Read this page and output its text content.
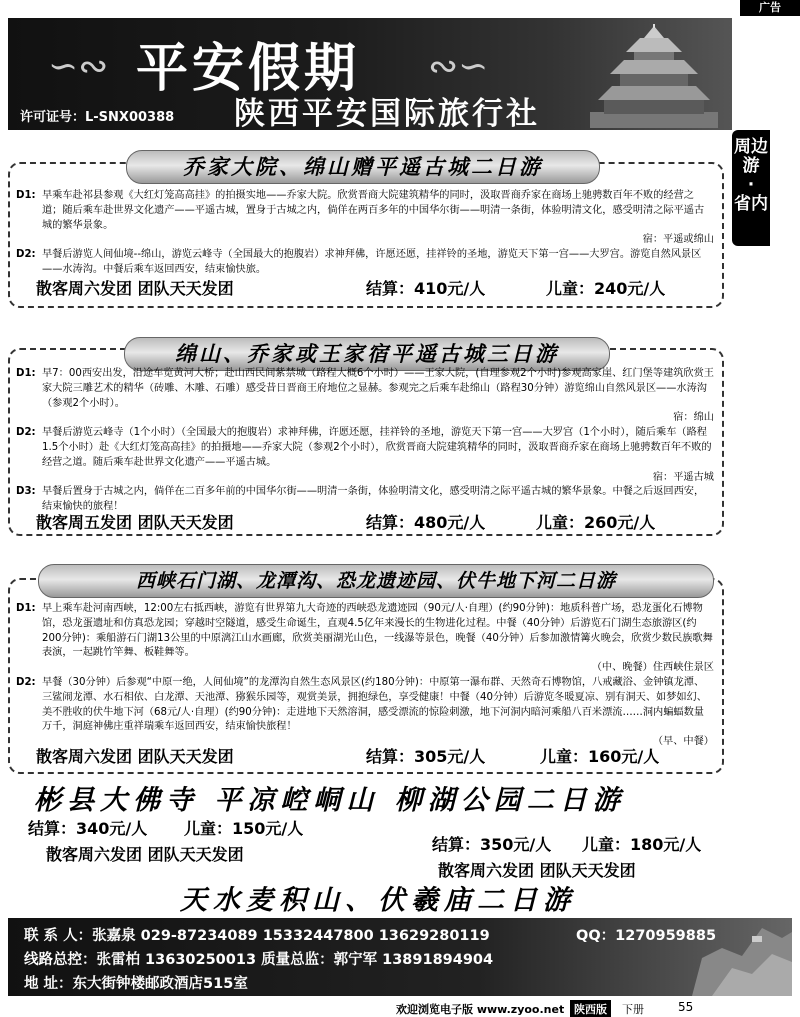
广告
∽∾ 平安假期 ∾∽
陕西平安国际旅行社
许可证号：L-SNX00388
周边游
·
省内
乔家大院、绵山赠平遥古城二日游
D1: 早乘车赴祁县参观《大红灯笼高高挂》的拍摄实地——乔家大院。欣赏晋商大院建筑精华的同时，汲取晋商乔家在商场上驰骋数百年不败的经营之道；随后乘车赴世界文化遗产——平遥古城，置身于古城之内，倘佯在两百多年的中国华尔街——明清一条街，体验明清文化，感受明清之际平遥古城的繁华景象。
宿：平遥或绵山
D2: 早餐后游览人间仙境--绵山，游览云峰寺（全国最大的抱腹岩）求神拜佛，许愿还愿，挂祥铃的圣地，游览天下第一宫——大罗宫。游览自然风景区——水涛沟。中餐后乘车返回西安，结束愉快旅。
散客周六发团 团队天天发团	结算：410元/人	儿童：240元/人
绵山、乔家或王家宿平遥古城三日游
D1: 早7：00西安出发，沿途车览黄河大桥；赴山西民间紫禁城（路程大概6个小时）——王家大院，(自理参观2个小时)参观高家崖、红门堡等建筑欣赏王家大院三雕艺术的精华（砖雕、木雕、石雕）感受昔日晋商王府地位之显赫。参观完之后乘车赴绵山（路程30分钟）游览绵山自然风景区——水涛沟（参观2个小时）。
宿：绵山
D2: 早餐后游览云峰寺（1个小时）（全国最大的抱腹岩）求神拜佛，许愿还愿，挂祥铃的圣地，游览天下第一宫——大罗宫（1个小时），随后乘车（路程1.5个小时）赴《大红灯笼高高挂》的拍摄地——乔家大院（参观2个小时），欣赏晋商大院建筑精华的同时，汲取晋商乔家在商场上驰骋数百年不败的经营之道。随后乘车赴世界文化遗产——平遥古城。
宿：平遥古城
D3: 早餐后置身于古城之内，倘佯在二百多年前的中国华尔街——明清一条街，体验明清文化，感受明清之际平遥古城的繁华景象。中餐之后返回西安，结束愉快的旅程！
散客周五发团 团队天天发团	结算：480元/人	儿童：260元/人
西峡石门湖、龙潭沟、恐龙遗迹园、伏牛地下河二日游
D1: 早上乘车赴河南西峡，12:00左右抵西峡，游览有世界第九大奇迹的西峡恐龙遗迹园（90元/人·自理）(约90分钟)：地质科普广场，恐龙蛋化石博物馆，恐龙蛋遗址和仿真恐龙园；穿越时空隧道，感受生命诞生，直观4.5亿年来漫长的生物进化过程。中餐（40分钟）后游览石门湖生态旅游区(约200分钟)：乘船游石门湖13公里的中原漓江山水画廊，欣赏美丽湖光山色，一线瀑等景色，晚餐（40分钟）后参加激情篝火晚会，欣赏少数民族歌舞表演，一起跳竹竿舞、板鞋舞等。
（中、晚餐）住西峡住景区
D2: 早餐（30分钟）后参观“中原一绝，人间仙境”的龙潭沟自然生态风景区(约180分钟)：中原第一瀑布群、天然奇石博物馆，八戒藏浴、金钟镇龙潭、三鲨闹龙潭、水石相依、白龙潭、天池潭、猕猴乐园等，观赏美景，拥抱绿色，享受健康！中餐（40分钟）后游览冬暖夏凉、别有洞天、如梦如幻、美不胜收的伏牛地下河（68元/人·自理）(约90分钟)：走进地下天然溶洞，感受漂流的惊险刺激，地下河洞内暗河乘船八百米漂流……洞内蝙蝠数量万千，洞庭神佛庄重祥瑞乘车返回西安，结束愉快旅程！
（早、中餐）
散客周六发团 团队天天发团	结算：305元/人	儿童：160元/人
彬县大佛寺 平凉崆峒山 柳湖公园二日游
结算：340元/人 儿童：150元/人
散客周六发团 团队天天发团
结算：350元/人 儿童：180元/人
散客周六发团 团队天天发团
天水麦积山、伏羲庙二日游
联 系 人：张嘉泉 029-87234089 15332447800 13629280119	QQ：1270959885
线路总控：张雷柏 13630250013 质量总监：郭宁军 13891894904
地 址：东大街钟楼邮政酒店515室
欢迎浏览电子版 www.zyoo.net 陕西版	下册	55
